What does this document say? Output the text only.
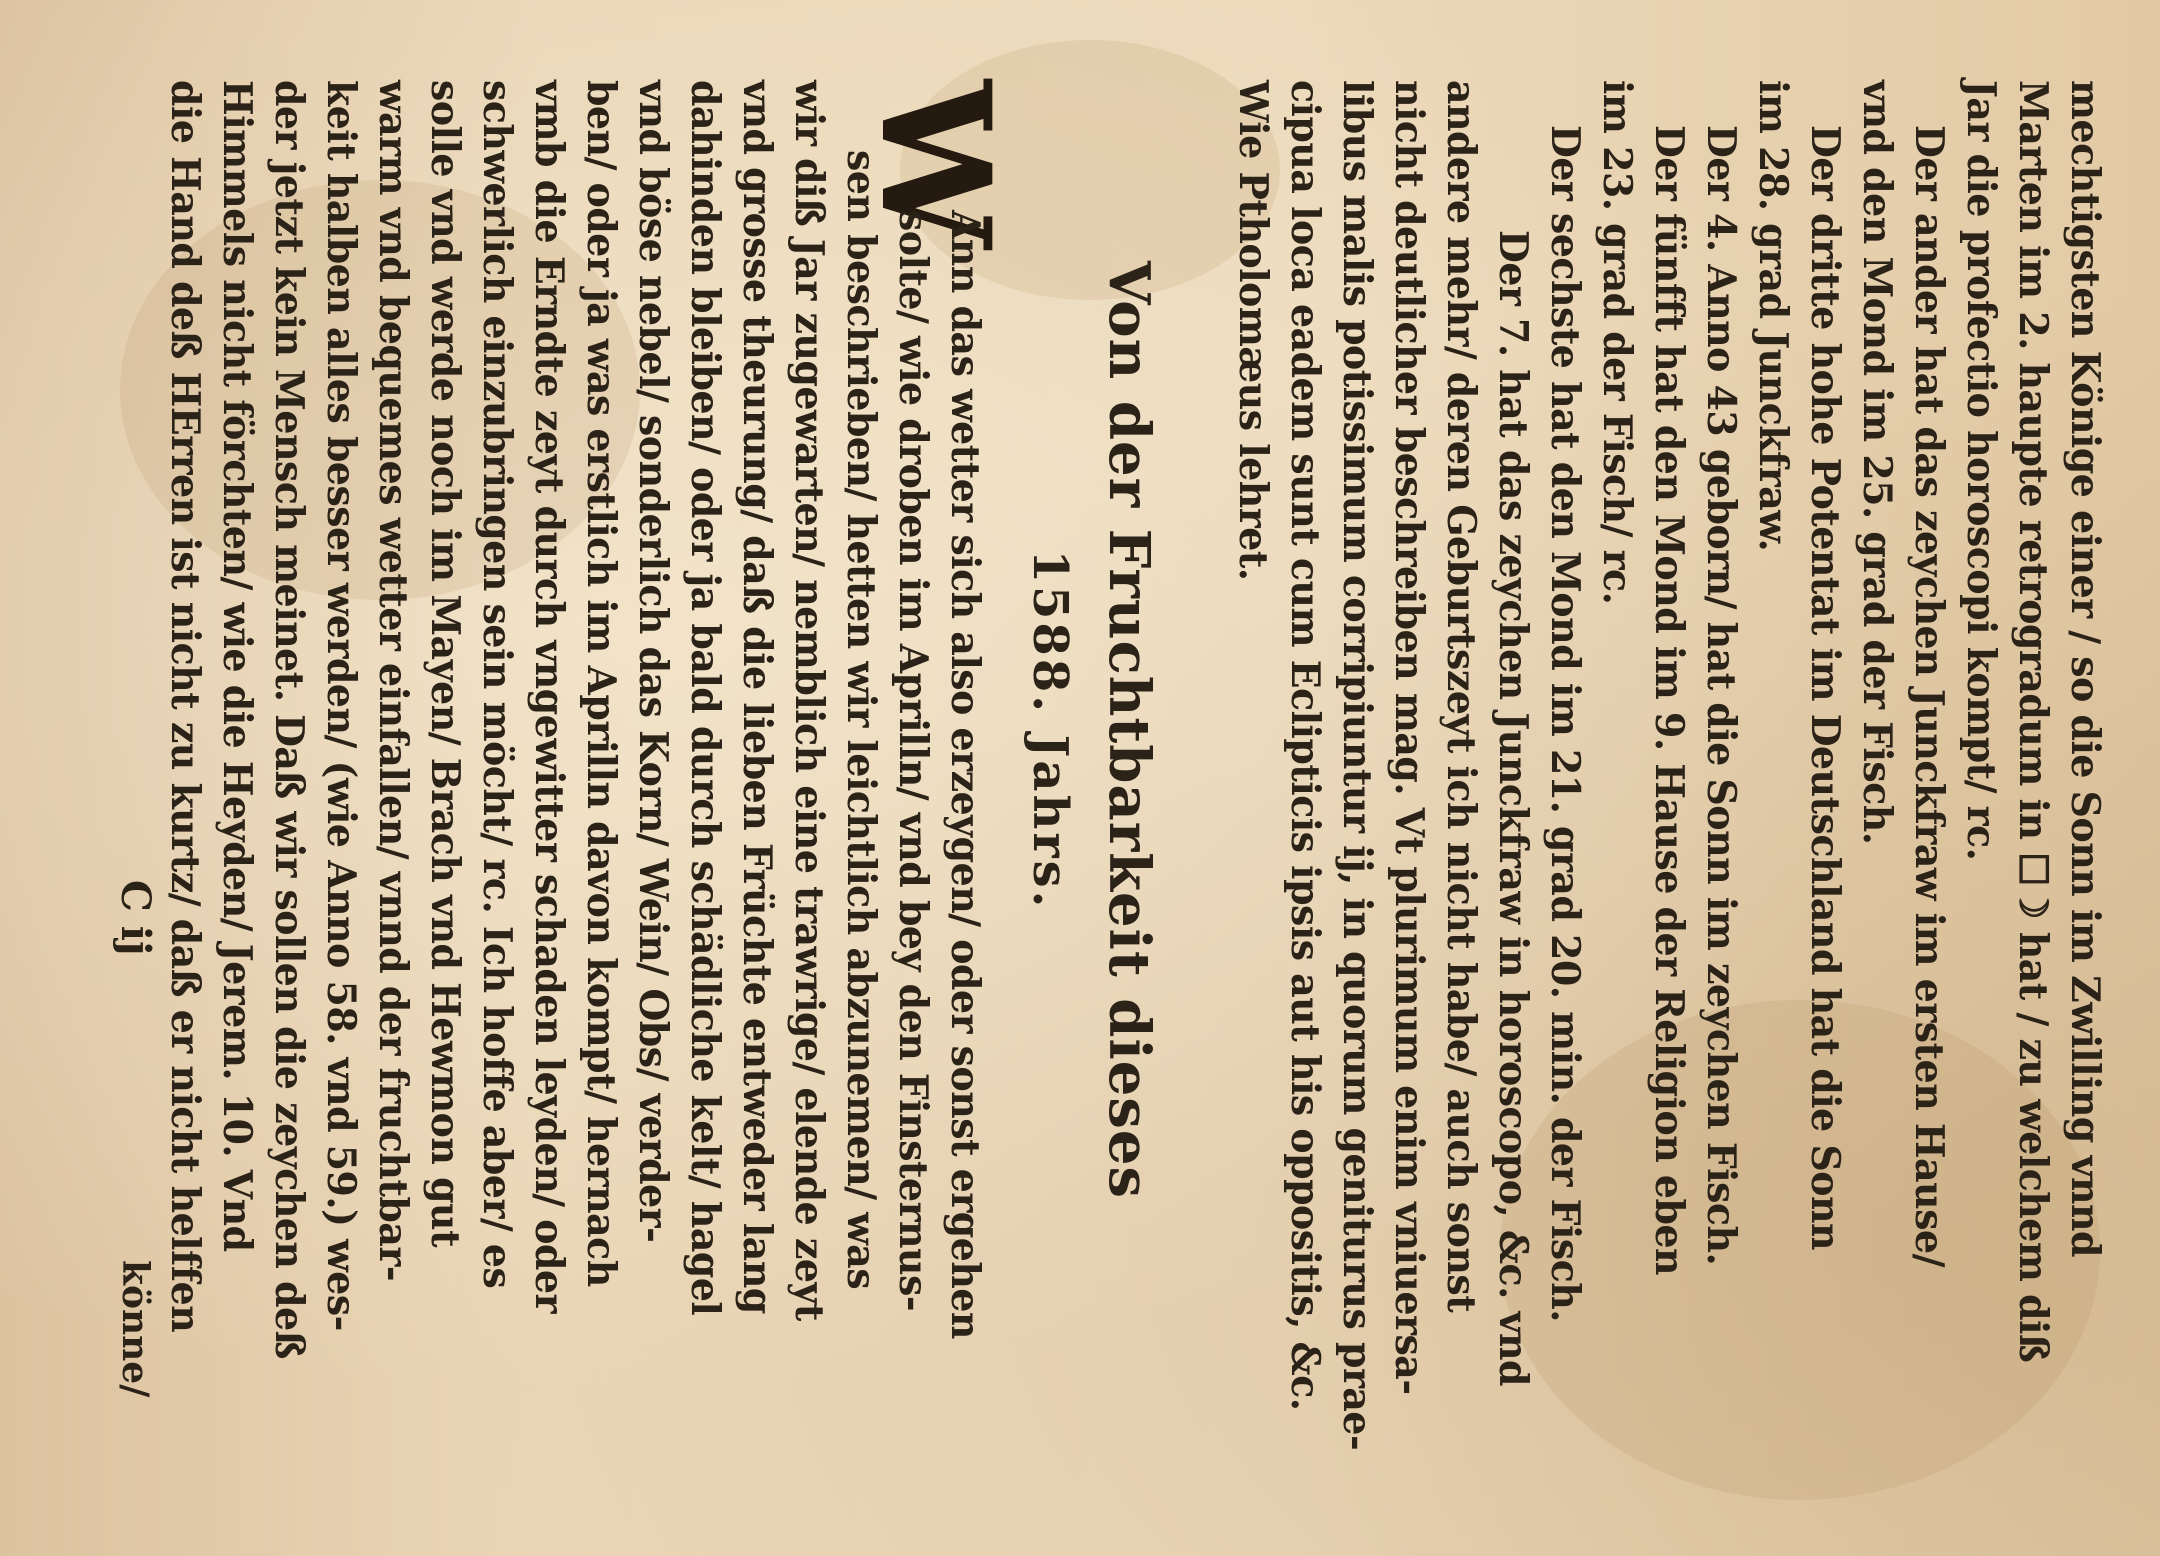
mechtigsten Könige einer / so die Sonn im Zwilling vnnd
Marten im 2. haupte retrogradum in ☐☽ hat / zu welchem diß
Jar die profectio horoscopi kompt/ rc.
Der ander hat das zeychen Junckfraw im ersten Hause/
vnd den Mond im 25. grad der Fisch.
Der dritte hohe Potentat im Deutschland hat die Sonn
im 28. grad Junckfraw.
Der 4. Anno 43 geborn/ hat die Sonn im zeychen Fisch.
Der fünfft hat den Mond im 9. Hause der Religion eben
im 23. grad der Fisch/ rc.
Der sechste hat den Mond im 21. grad 20. min. der Fisch.
Der 7. hat das zeychen Junckfraw in horoscopo, &c. vnd
andere mehr/ deren Geburtszeyt ich nicht habe/ auch sonst
nicht deutlicher beschreiben mag. Vt plurimum enim vniuersa-
libus malis potissimum corripiuntur ij, in quorum geniturus prae-
cipua loca eadem sunt cum Eclipticis ipsis aut his oppositis, &c.
Wie Ptholomæus lehret.
Von der Fruchtbarkeit dieses
1588. Jahrs.
W
Ann das wetter sich also erzeygen/ oder sonst ergehen
solte/ wie droben im Aprilln/ vnd bey den Finsternus-
sen beschrieben/ hetten wir leichtlich abzunemen/ was
wir diß Jar zugewarten/ nemblich eine trawrige/ elende zeyt
vnd grosse theurung/ daß die lieben Früchte entweder lang
dahinden bleiben/ oder ja bald durch schädliche kelt/ hagel
vnd böse nebel/ sonderlich das Korn/ Wein/ Obs/ verder-
ben/ oder ja was erstlich im Aprilln davon kompt/ hernach
vmb die Erndte zeyt durch vngewitter schaden leyden/ oder
schwerlich einzubringen sein möcht/ rc. Ich hoffe aber/ es
solle vnd werde noch im Mayen/ Brach vnd Hewmon gut
warm vnd bequemes wetter einfallen/ vnnd der fruchtbar-
keit halben alles besser werden/ (wie Anno 58. vnd 59.) wes-
der jetzt kein Mensch meinet. Daß wir sollen die zeychen deß
Himmels nicht förchten/ wie die Heyden/ Jerem. 10. Vnd
die Hand deß HErren ist nicht zu kurtz/ daß er nicht helffen
C ij
könne/
